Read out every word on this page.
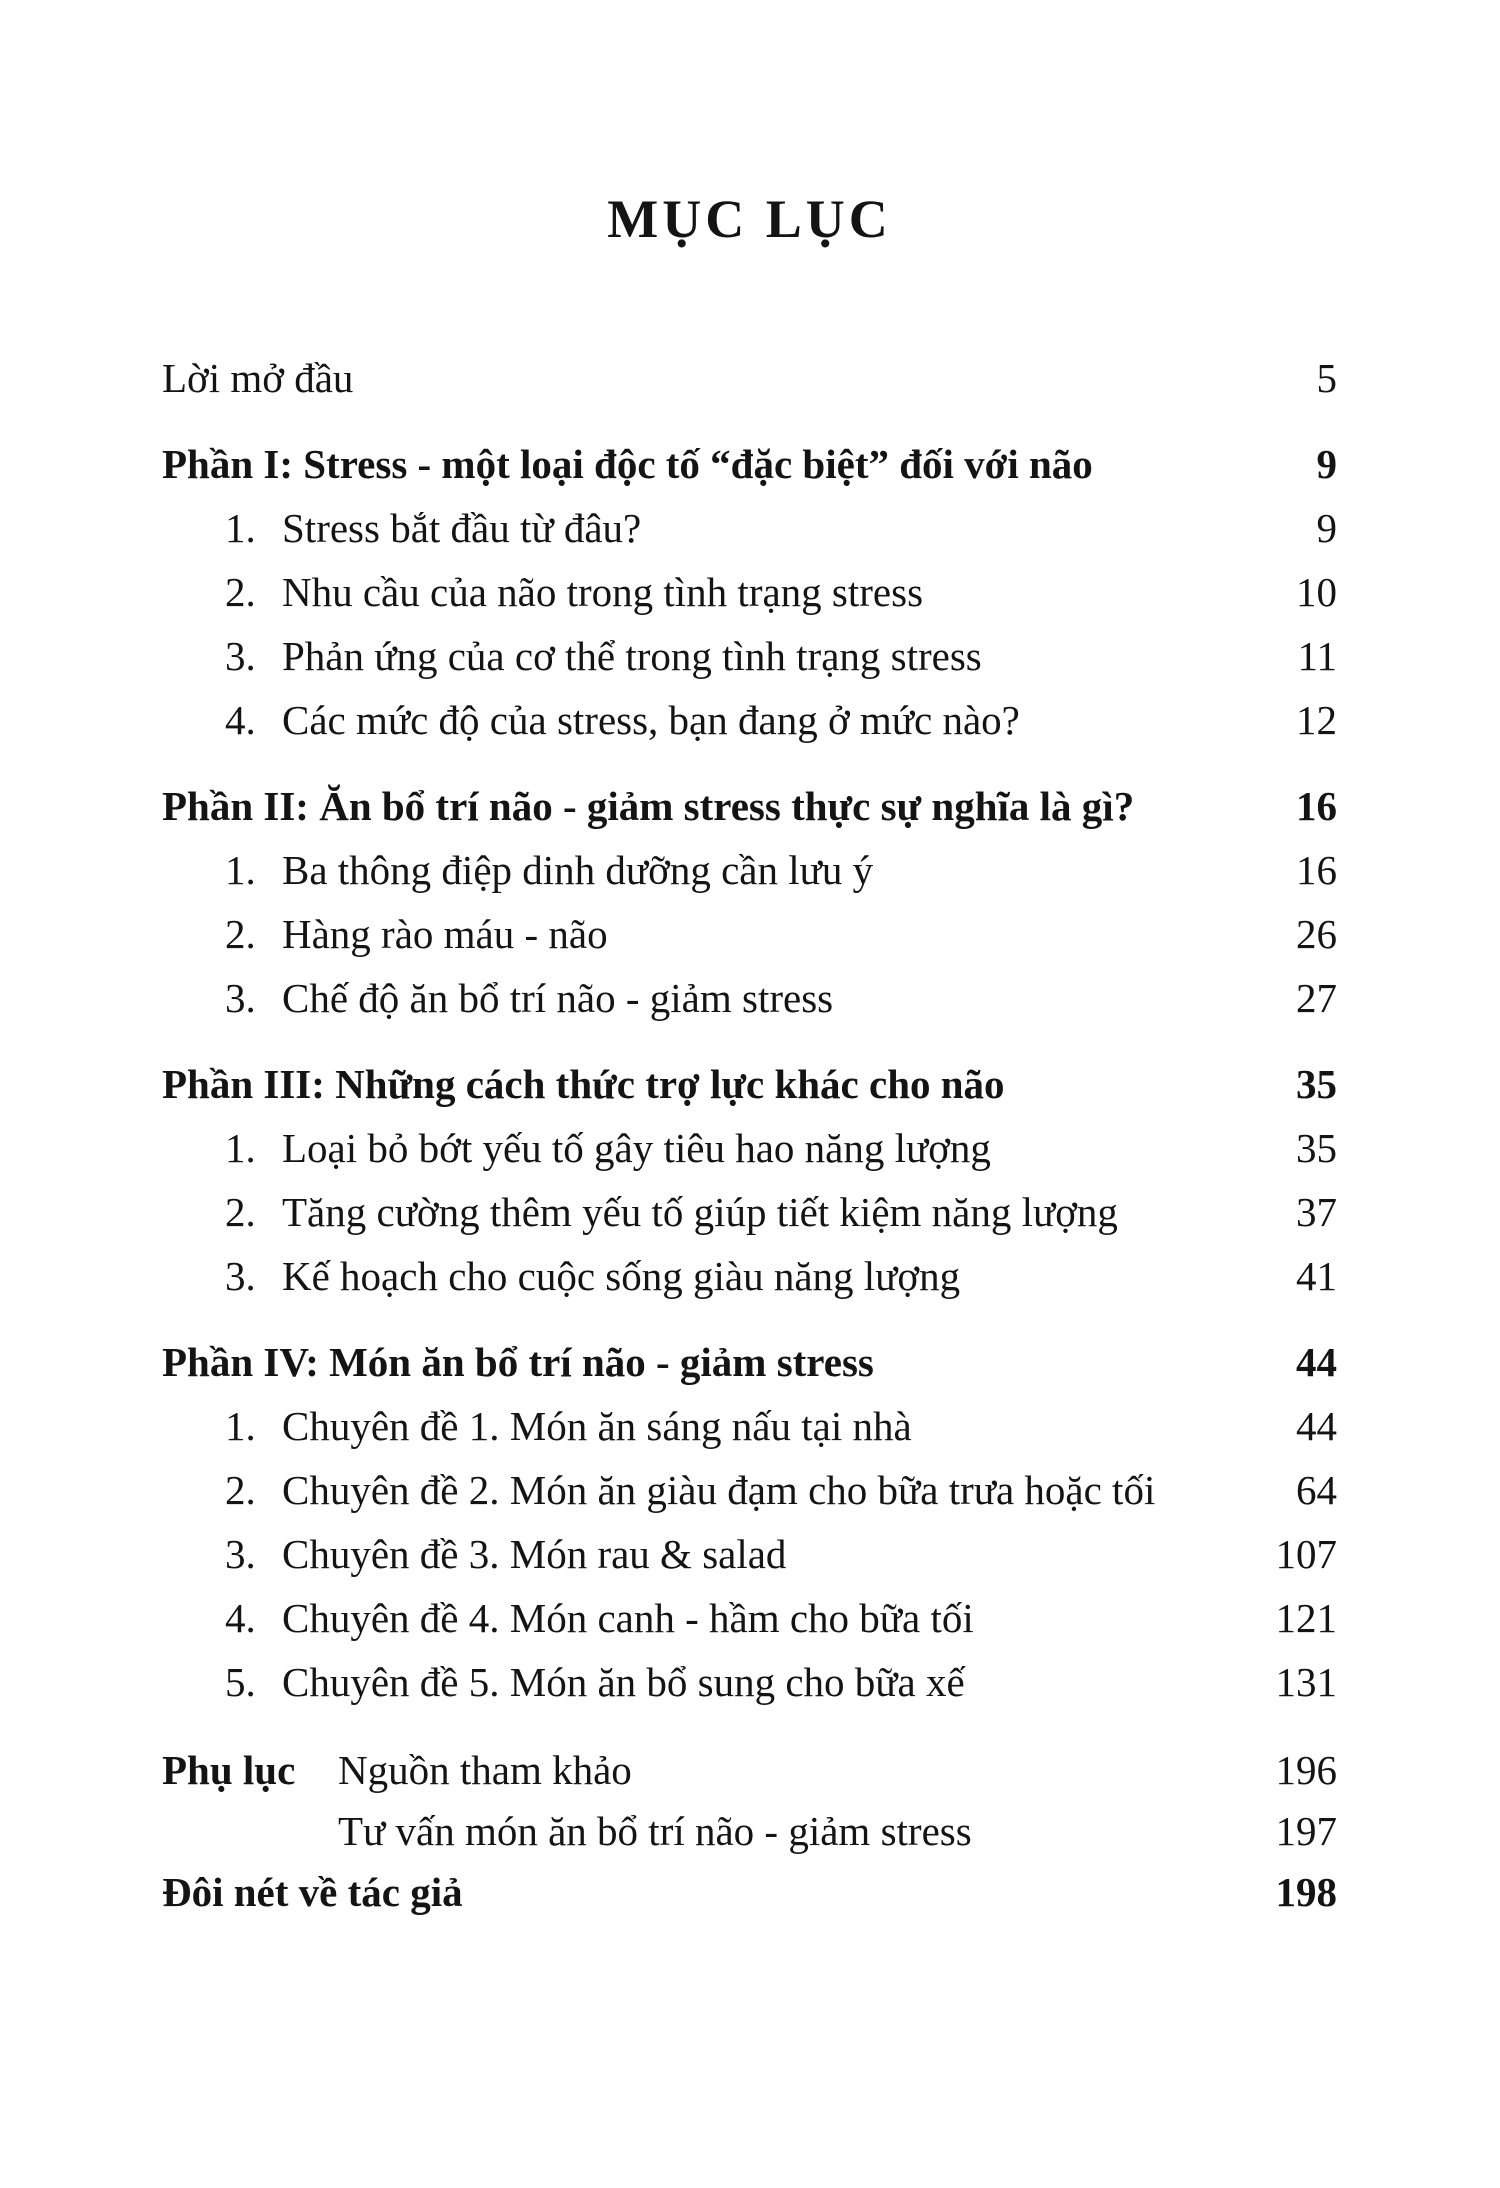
MỤC LỤC
Lời mở đầu	5
Phần I: Stress - một loại độc tố “đặc biệt” đối với não	9
1. Stress bắt đầu từ đâu?	9
2. Nhu cầu của não trong tình trạng stress	10
3. Phản ứng của cơ thể trong tình trạng stress	11
4. Các mức độ của stress, bạn đang ở mức nào?	12
Phần II: Ăn bổ trí não - giảm stress thực sự nghĩa là gì?	16
1. Ba thông điệp dinh dưỡng cần lưu ý	16
2. Hàng rào máu - não	26
3. Chế độ ăn bổ trí não - giảm stress	27
Phần III: Những cách thức trợ lực khác cho não	35
1. Loại bỏ bớt yếu tố gây tiêu hao năng lượng	35
2. Tăng cường thêm yếu tố giúp tiết kiệm năng lượng	37
3. Kế hoạch cho cuộc sống giàu năng lượng	41
Phần IV: Món ăn bổ trí não - giảm stress	44
1. Chuyên đề 1. Món ăn sáng nấu tại nhà	44
2. Chuyên đề 2. Món ăn giàu đạm cho bữa trưa hoặc tối	64
3. Chuyên đề 3. Món rau & salad	107
4. Chuyên đề 4. Món canh - hầm cho bữa tối	121
5. Chuyên đề 5. Món ăn bổ sung cho bữa xế	131
Phụ lục	Nguồn tham khảo	196
Tư vấn món ăn bổ trí não - giảm stress	197
Đôi nét về tác giả	198
